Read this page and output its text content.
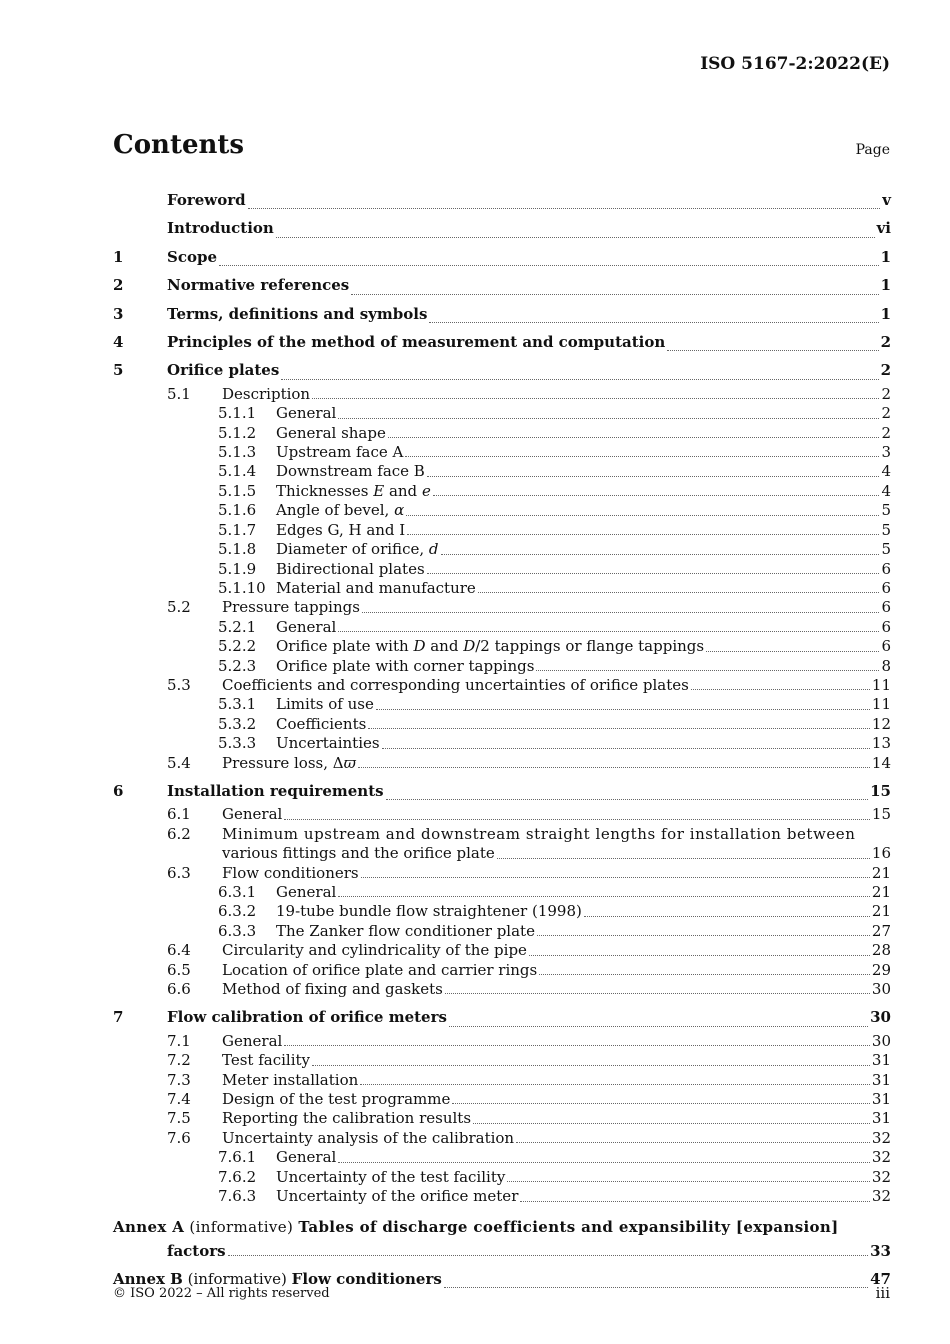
ISO 5167-2:2022(E)
Contents	Page
Foreword	v
Introduction	vi
1	Scope	1
2	Normative references	1
3	Terms, definitions and symbols	1
4	Principles of the method of measurement and computation	2
5	Orifice plates	2
5.1	Description	2
5.1.1	General	2
5.1.2	General shape	2
5.1.3	Upstream face A	3
5.1.4	Downstream face B	4
5.1.5	Thicknesses E and e	4
5.1.6	Angle of bevel, α	5
5.1.7	Edges G, H and I	5
5.1.8	Diameter of orifice, d	5
5.1.9	Bidirectional plates	6
5.1.10 Material and manufacture	6
5.2	Pressure tappings	6
5.2.1	General	6
5.2.2	Orifice plate with D and D/2 tappings or flange tappings	6
5.2.3	Orifice plate with corner tappings	8
5.3	Coefficients and corresponding uncertainties of orifice plates	11
5.3.1	Limits of use	11
5.3.2	Coefficients	12
5.3.3	Uncertainties	13
5.4	Pressure loss, Δϖ	14
6	Installation requirements	15
6.1	General	15
6.2	Minimum upstream and downstream straight lengths for installation between
various fittings and the orifice plate	16
6.3	Flow conditioners	21
6.3.1	General	21
6.3.2	19-tube bundle flow straightener (1998)	21
6.3.3	The Zanker flow conditioner plate	27
6.4	Circularity and cylindricality of the pipe	28
6.5	Location of orifice plate and carrier rings	29
6.6	Method of fixing and gaskets	30
7	Flow calibration of orifice meters	30
7.1	General	30
7.2	Test facility	31
7.3	Meter installation	31
7.4	Design of the test programme	31
7.5	Reporting the calibration results	31
7.6	Uncertainty analysis of the calibration	32
7.6.1	General	32
7.6.2	Uncertainty of the test facility	32
7.6.3	Uncertainty of the orifice meter	32
Annex A (informative) Tables of discharge coefficients and expansibility [expansion]
factors	33
Annex B (informative) Flow conditioners	47
© ISO 2022 – All rights reserved	iii
